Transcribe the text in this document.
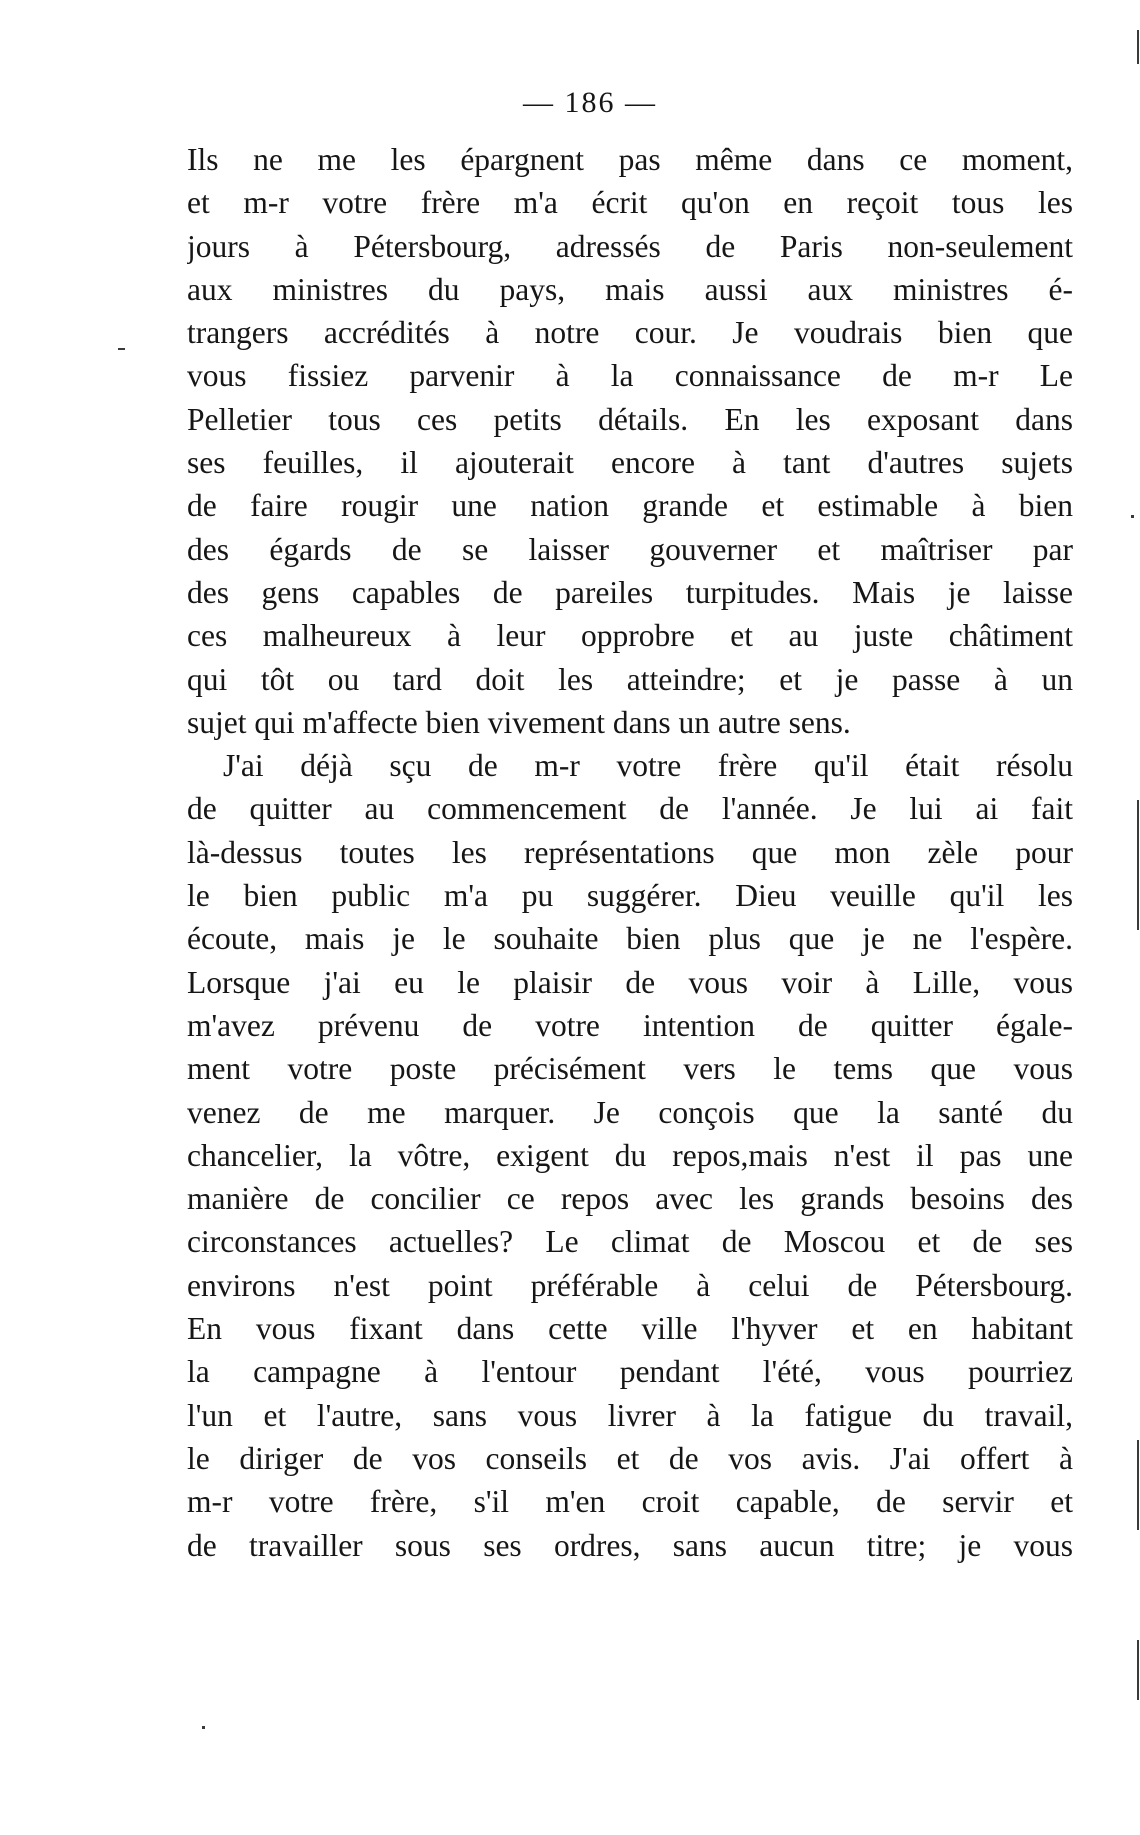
— 186 —
Ils ne me les épargnent pas même dans ce moment,
et m-r votre frère m'a écrit qu'on en reçoit tous les
jours à Pétersbourg, adressés de Paris non-seulement
aux ministres du pays, mais aussi aux ministres é-
trangers accrédités à notre cour. Je voudrais bien que
vous fissiez parvenir à la connaissance de m-r Le
Pelletier tous ces petits détails. En les exposant dans
ses feuilles, il ajouterait encore à tant d'autres sujets
de faire rougir une nation grande et estimable à bien
des égards de se laisser gouverner et maîtriser par
des gens capables de pareiles turpitudes. Mais je laisse
ces malheureux à leur opprobre et au juste châtiment
qui tôt ou tard doit les atteindre; et je passe à un
sujet qui m'affecte bien vivement dans un autre sens.
J'ai déjà sçu de m-r votre frère qu'il était résolu
de quitter au commencement de l'année. Je lui ai fait
là-dessus toutes les représentations que mon zèle pour
le bien public m'a pu suggérer. Dieu veuille qu'il les
écoute, mais je le souhaite bien plus que je ne l'espère.
Lorsque j'ai eu le plaisir de vous voir à Lille, vous
m'avez prévenu de votre intention de quitter égale-
ment votre poste précisément vers le tems que vous
venez de me marquer. Je conçois que la santé du
chancelier, la vôtre, exigent du repos,mais n'est il pas une
manière de concilier ce repos avec les grands besoins des
circonstances actuelles? Le climat de Moscou et de ses
environs n'est point préférable à celui de Pétersbourg.
En vous fixant dans cette ville l'hyver et en habitant
la campagne à l'entour pendant l'été, vous pourriez
l'un et l'autre, sans vous livrer à la fatigue du travail,
le diriger de vos conseils et de vos avis. J'ai offert à
m-r votre frère, s'il m'en croit capable, de servir et
de travailler sous ses ordres, sans aucun titre; je vous
